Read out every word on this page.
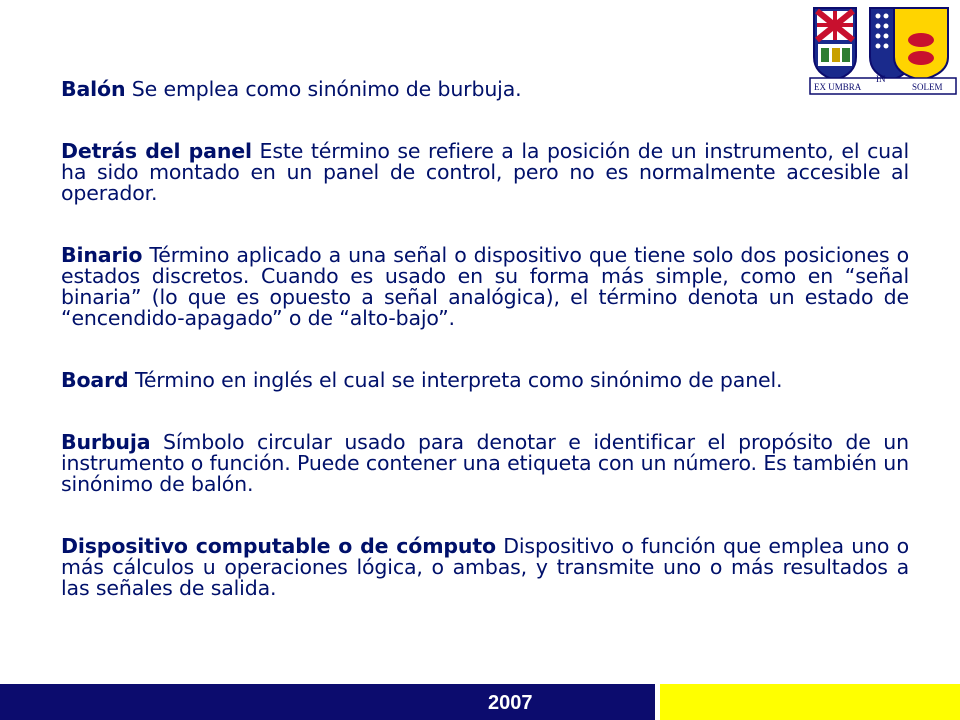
EX UMBRA
IN
SOLEM

Balón Se emplea como sinónimo de burbuja.

Detrás del panel Este término se refiere a la posición de un instrumento, el cual ha sido montado en un panel de control, pero no es normalmente accesible al operador.

Binario Término aplicado a una señal o dispositivo que tiene solo dos posiciones o estados discretos. Cuando es usado en su forma más simple, como en “señal binaria” (lo que es opuesto a señal analógica), el término denota un estado de “encendido-apagado” o de “alto-bajo”.

Board Término en inglés el cual se interpreta como sinónimo de panel.

Burbuja Símbolo circular usado para denotar e identificar el propósito de un instrumento o función. Puede contener una etiqueta con un número. Es también un sinónimo de balón.

Dispositivo computable o de cómputo Dispositivo o función que emplea uno o más cálculos u operaciones lógica, o ambas, y transmite uno o más resultados a las señales de salida.

2007
